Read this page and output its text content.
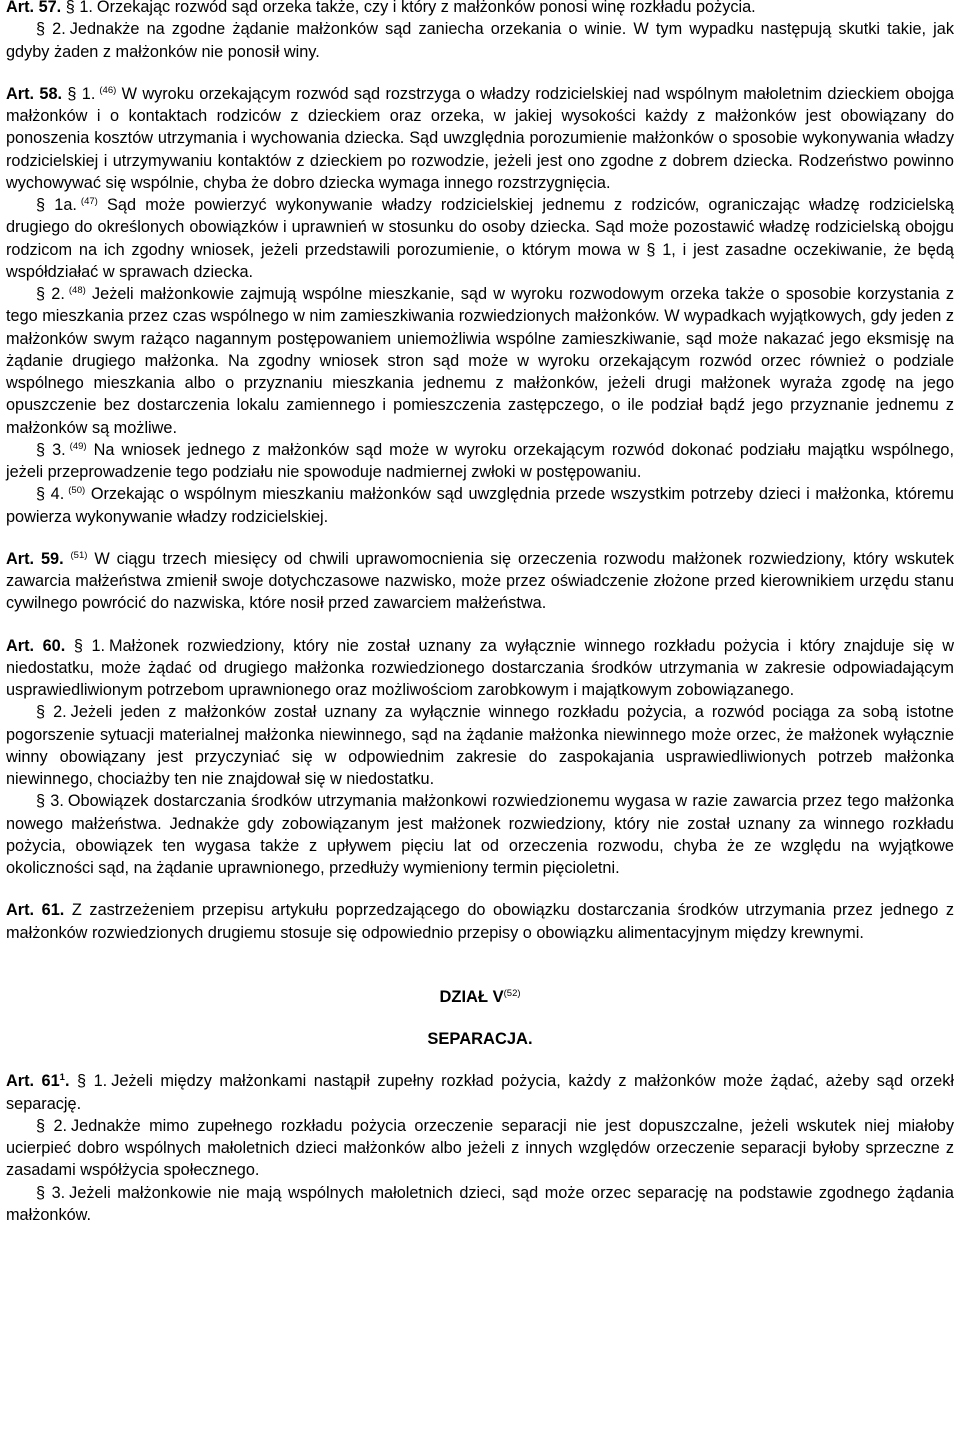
Art. 57. § 1. Orzekając rozwód sąd orzeka także, czy i który z małżonków ponosi winę rozkładu pożycia.

§ 2. Jednakże na zgodne żądanie małżonków sąd zaniecha orzekania o winie. W tym wypadku następują skutki takie, jak gdyby żaden z małżonków nie ponosił winy.

Art. 58. § 1. $^{(46)}$ W wyroku orzekającym rozwód sąd rozstrzyga o władzy rodzicielskiej nad wspólnym małoletnim dzieckiem obojga małżonków i o kontaktach rodziców z dzieckiem oraz orzeka, w jakiej wysokości każdy z małżonków jest obowiązany do ponoszenia kosztów utrzymania i wychowania dziecka. Sąd uwzględnia porozumienie małżonków o sposobie wykonywania władzy rodzicielskiej i utrzymywaniu kontaktów z dzieckiem po rozwodzie, jeżeli jest ono zgodne z dobrem dziecka. Rodzeństwo powinno wychowywać się wspólnie, chyba że dobro dziecka wymaga innego rozstrzygnięcia.

§ 1a. $^{(47)}$ Sąd może powierzyć wykonywanie władzy rodzicielskiej jednemu z rodziców, ograniczając władzę rodzicielską drugiego do określonych obowiązków i uprawnień w stosunku do osoby dziecka. Sąd może pozostawić władzę rodzicielską obojgu rodzicom na ich zgodny wniosek, jeżeli przedstawili porozumienie, o którym mowa w § 1, i jest zasadne oczekiwanie, że będą współdziałać w sprawach dziecka.

§ 2. $^{(48)}$ Jeżeli małżonkowie zajmują wspólne mieszkanie, sąd w wyroku rozwodowym orzeka także o sposobie korzystania z tego mieszkania przez czas wspólnego w nim zamieszkiwania rozwiedzionych małżonków. W wypadkach wyjątkowych, gdy jeden z małżonków swym rażąco nagannym postępowaniem uniemożliwia wspólne zamieszkiwanie, sąd może nakazać jego eksmisję na żądanie drugiego małżonka. Na zgodny wniosek stron sąd może w wyroku orzekającym rozwód orzec również o podziale wspólnego mieszkania albo o przyznaniu mieszkania jednemu z małżonków, jeżeli drugi małżonek wyraża zgodę na jego opuszczenie bez dostarczenia lokalu zamiennego i pomieszczenia zastępczego, o ile podział bądź jego przyznanie jednemu z małżonków są możliwe.

§ 3. $^{(49)}$ Na wniosek jednego z małżonków sąd może w wyroku orzekającym rozwód dokonać podziału majątku wspólnego, jeżeli przeprowadzenie tego podziału nie spowoduje nadmiernej zwłoki w postępowaniu.

§ 4. $^{(50)}$ Orzekając o wspólnym mieszkaniu małżonków sąd uwzględnia przede wszystkim potrzeby dzieci i małżonka, któremu powierza wykonywanie władzy rodzicielskiej.

Art. 59. $^{(51)}$ W ciągu trzech miesięcy od chwili uprawomocnienia się orzeczenia rozwodu małżonek rozwiedziony, który wskutek zawarcia małżeństwa zmienił swoje dotychczasowe nazwisko, może przez oświadczenie złożone przed kierownikiem urzędu stanu cywilnego powrócić do nazwiska, które nosił przed zawarciem małżeństwa.

Art. 60. § 1. Małżonek rozwiedziony, który nie został uznany za wyłącznie winnego rozkładu pożycia i który znajduje się w niedostatku, może żądać od drugiego małżonka rozwiedzionego dostarczania środków utrzymania w zakresie odpowiadającym usprawiedliwionym potrzebom uprawnionego oraz możliwościom zarobkowym i majątkowym zobowiązanego.

§ 2. Jeżeli jeden z małżonków został uznany za wyłącznie winnego rozkładu pożycia, a rozwód pociąga za sobą istotne pogorszenie sytuacji materialnej małżonka niewinnego, sąd na żądanie małżonka niewinnego może orzec, że małżonek wyłącznie winny obowiązany jest przyczyniać się w odpowiednim zakresie do zaspokajania usprawiedliwionych potrzeb małżonka niewinnego, chociażby ten nie znajdował się w niedostatku.

§ 3. Obowiązek dostarczania środków utrzymania małżonkowi rozwiedzionemu wygasa w razie zawarcia przez tego małżonka nowego małżeństwa. Jednakże gdy zobowiązanym jest małżonek rozwiedziony, który nie został uznany za winnego rozkładu pożycia, obowiązek ten wygasa także z upływem pięciu lat od orzeczenia rozwodu, chyba że ze względu na wyjątkowe okoliczności sąd, na żądanie uprawnionego, przedłuży wymieniony termin pięcioletni.

Art. 61. Z zastrzeżeniem przepisu artykułu poprzedzającego do obowiązku dostarczania środków utrzymania przez jednego z małżonków rozwiedzionych drugiemu stosuje się odpowiednio przepisy o obowiązku alimentacyjnym między krewnymi.

DZIAŁ $V^{(52)}$

SEPARACJA.

Art. $61^1$. § 1. Jeżeli między małżonkami nastąpił zupełny rozkład pożycia, każdy z małżonków może żądać, ażeby sąd orzekł separację.

§ 2. Jednakże mimo zupełnego rozkładu pożycia orzeczenie separacji nie jest dopuszczalne, jeżeli wskutek niej miałoby ucierpieć dobro wspólnych małoletnich dzieci małżonków albo jeżeli z innych względów orzeczenie separacji byłoby sprzeczne z zasadami współżycia społecznego.

§ 3. Jeżeli małżonkowie nie mają wspólnych małoletnich dzieci, sąd może orzec separację na podstawie zgodnego żądania małżonków.
